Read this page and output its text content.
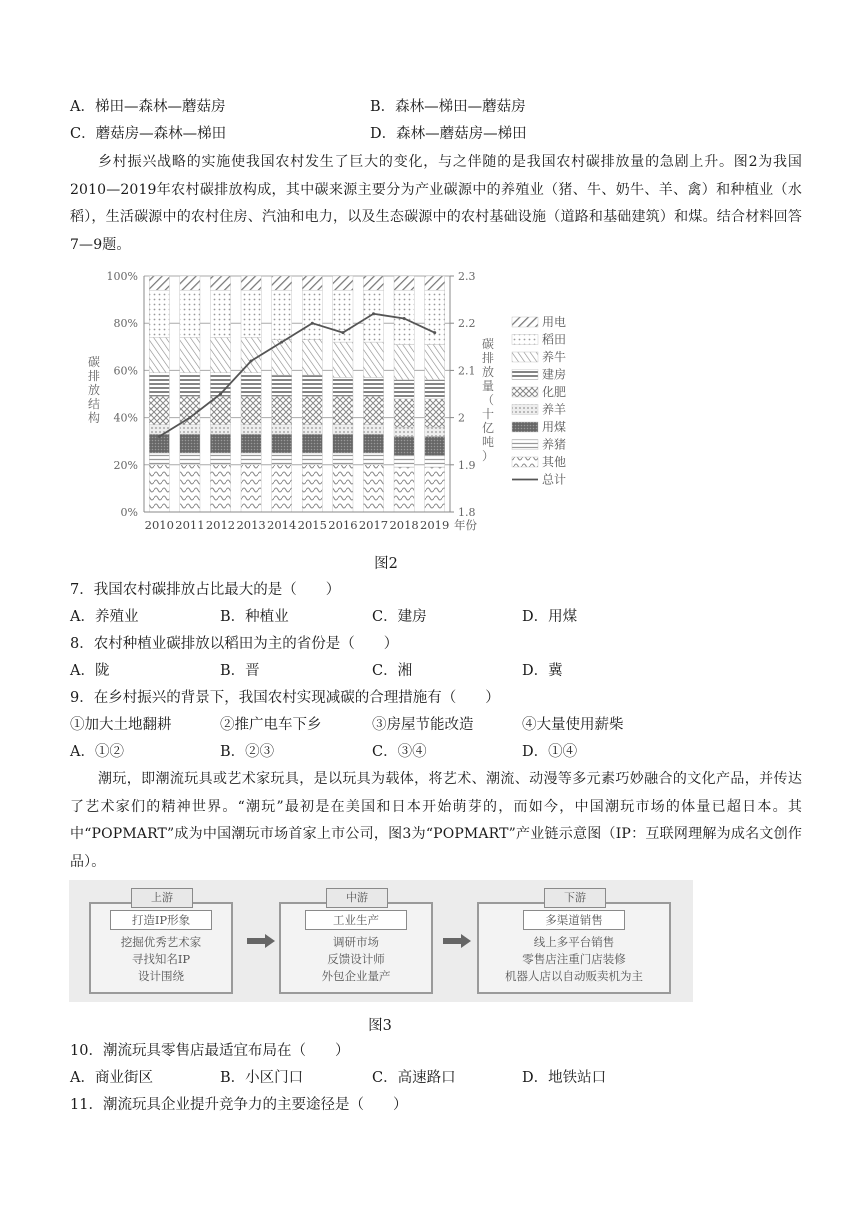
A．梯田—森林—蘑菇房	B．森林—梯田—蘑菇房
C．蘑菇房—森林—梯田	D．森林—蘑菇房—梯田
乡村振兴战略的实施使我国农村发生了巨大的变化，与之伴随的是我国农村碳排放量的急剧上升。图2为我国2010—2019年农村碳排放构成，其中碳来源主要分为产业碳源中的养殖业（猪、牛、奶牛、羊、禽）和种植业（水稻），生活碳源中的农村住房、汽油和电力，以及生态碳源中的农村基础设施（道路和基础建筑）和煤。结合材料回答7—9题。
0%
20%
40%
60%
80%
100%
1.8
1.9
2
2.1
2.2
2.3
2010 2011 2012 2013 2014 2015 2016 2017 2018 2019 年份
碳
排
放
结
构
碳
排
放
量
（
十
亿
吨
）
用电
稻田
养牛
建房
化肥
养羊
用煤
养猪
其他
总计
图2
7．我国农村碳排放占比最大的是（　　）
A．养殖业	B．种植业	C．建房	D．用煤
8．农村种植业碳排放以稻田为主的省份是（　　）
A．陇	B．晋	C．湘	D．冀
9．在乡村振兴的背景下，我国农村实现减碳的合理措施有（　　）
①加大土地翻耕	②推广电车下乡	③房屋节能改造	④大量使用薪柴
A．①②	B．②③	C．③④	D．①④
潮玩，即潮流玩具或艺术家玩具，是以玩具为载体，将艺术、潮流、动漫等多元素巧妙融合的文化产品，并传达了艺术家们的精神世界。“潮玩”最初是在美国和日本开始萌芽的，而如今，中国潮玩市场的体量已超日本。其中“POPMART”成为中国潮玩市场首家上市公司，图3为“POPMART”产业链示意图（IP：互联网理解为成名文创作品）。
上游
打造IP形象
挖掘优秀艺术家
寻找知名IP
设计围绕
中游
工业生产
调研市场
反馈设计师
外包企业量产
下游
多渠道销售
线上多平台销售
零售店注重门店装修
机器人店以自动贩卖机为主
图3
10．潮流玩具零售店最适宜布局在（　　）
A．商业街区	B．小区门口	C．高速路口	D．地铁站口
11．潮流玩具企业提升竞争力的主要途径是（　　）
